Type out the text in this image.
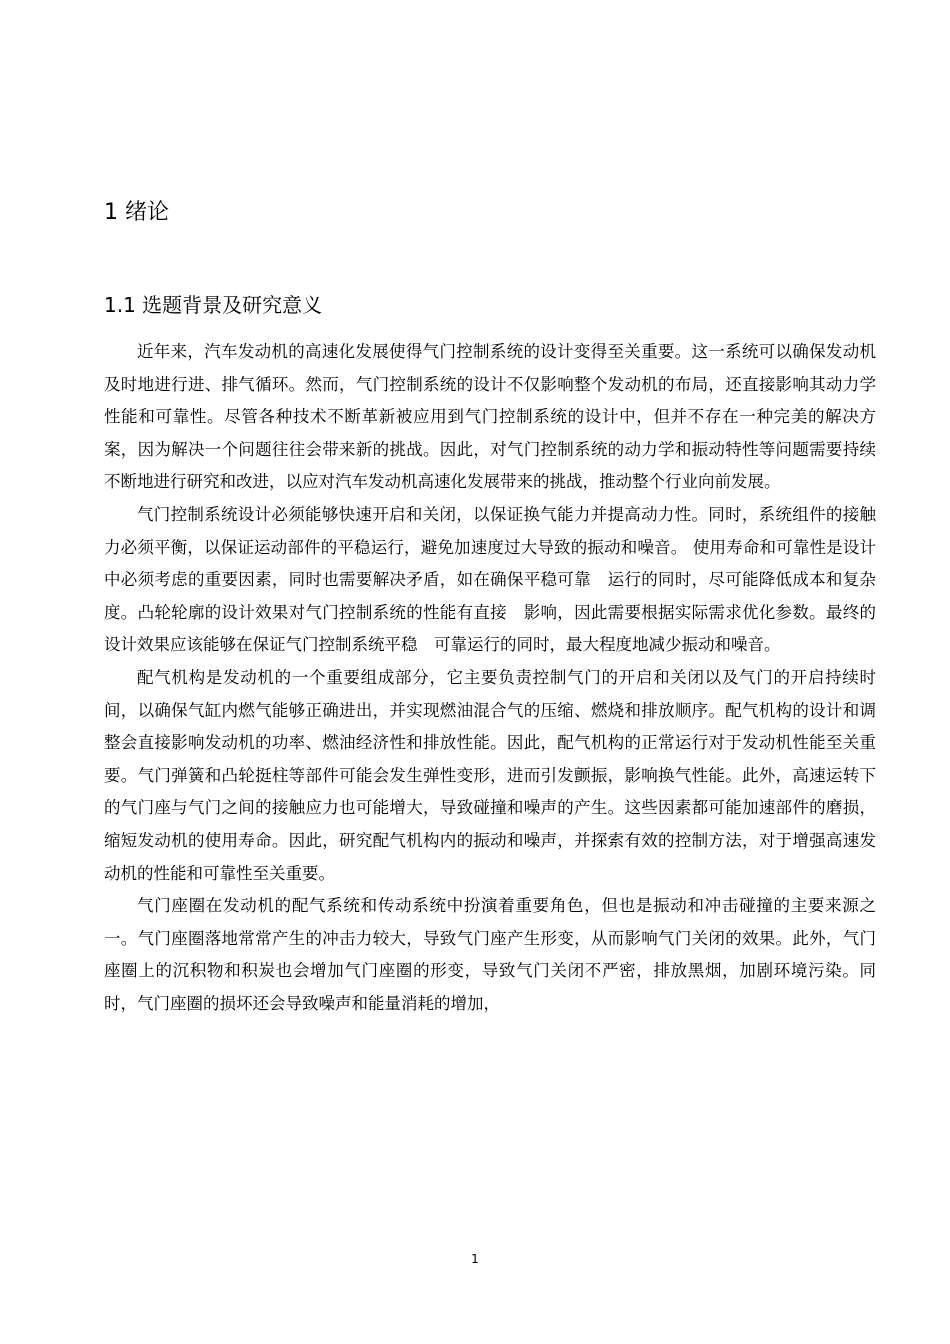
1 绪论
1.1 选题背景及研究意义

近年来，汽车发动机的高速化发展使得气门控制系统的设计变得至关重要。这一系统可以确保发动机及时地进行进、排气循环。然而，气门控制系统的设计不仅影响整个发动机的布局，还直接影响其动力学性能和可靠性。尽管各种技术不断革新被应用到气门控制系统的设计中，但并不存在一种完美的解决方案，因为解决一个问题往往会带来新的挑战。因此，对气门控制系统的动力学和振动特性等问题需要持续不断地进行研究和改进，以应对汽车发动机高速化发展带来的挑战，推动整个行业向前发展。

气门控制系统设计必须能够快速开启和关闭，以保证换气能力并提高动力性。同时，系统组件的接触力必须平衡，以保证运动部件的平稳运行，避免加速度过大导致的振动和噪音。 使用寿命和可靠性是设计中必须考虑的重要因素，同时也需要解决矛盾，如在确保平稳可靠　运行的同时，尽可能降低成本和复杂度。凸轮轮廓的设计效果对气门控制系统的性能有直接　影响，因此需要根据实际需求优化参数。最终的设计效果应该能够在保证气门控制系统平稳　可靠运行的同时，最大程度地减少振动和噪音。

配气机构是发动机的一个重要组成部分，它主要负责控制气门的开启和关闭以及气门的开启持续时间，以确保气缸内燃气能够正确进出，并实现燃油混合气的压缩、燃烧和排放顺序。配气机构的设计和调整会直接影响发动机的功率、燃油经济性和排放性能。因此，配气机构的正常运行对于发动机性能至关重要。气门弹簧和凸轮挺柱等部件可能会发生弹性变形，进而引发颤振，影响换气性能。此外，高速运转下的气门座与气门之间的接触应力也可能增大，导致碰撞和噪声的产生。这些因素都可能加速部件的磨损，缩短发动机的使用寿命。因此，研究配气机构内的振动和噪声，并探索有效的控制方法，对于增强高速发动机的性能和可靠性至关重要。

气门座圈在发动机的配气系统和传动系统中扮演着重要角色，但也是振动和冲击碰撞的主要来源之一。气门座圈落地常常产生的冲击力较大，导致气门座产生形变，从而影响气门关闭的效果。此外，气门座圈上的沉积物和积炭也会增加气门座圈的形变，导致气门关闭不严密，排放黑烟，加剧环境污染。同时，气门座圈的损坏还会导致噪声和能量消耗的增加，

1
